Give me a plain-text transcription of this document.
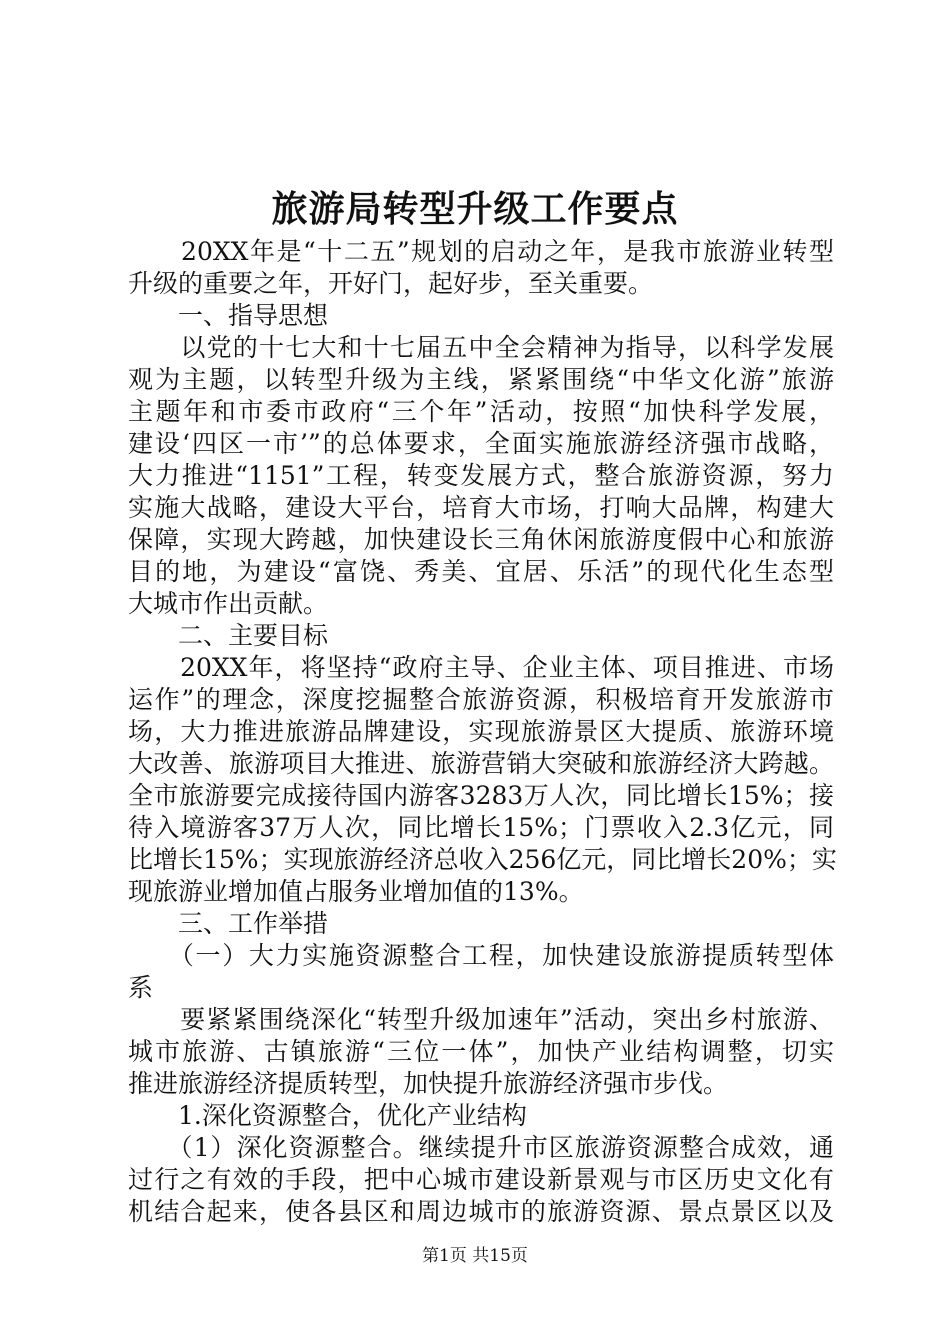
旅游局转型升级工作要点
　　20XX年是“十二五”规划的启动之年，是我市旅游业转型
升级的重要之年，开好门，起好步，至关重要。
　　一、指导思想
　　以党的十七大和十七届五中全会精神为指导，以科学发展
观为主题，以转型升级为主线，紧紧围绕“中华文化游”旅游
主题年和市委市政府“三个年”活动，按照“加快科学发展，
建设‘四区一市’”的总体要求，全面实施旅游经济强市战略，
大力推进“1151”工程，转变发展方式，整合旅游资源，努力
实施大战略，建设大平台，培育大市场，打响大品牌，构建大
保障，实现大跨越，加快建设长三角休闲旅游度假中心和旅游
目的地，为建设“富饶、秀美、宜居、乐活”的现代化生态型
大城市作出贡献。
　　二、主要目标
　　20XX年，将坚持“政府主导、企业主体、项目推进、市场
运作”的理念，深度挖掘整合旅游资源，积极培育开发旅游市
场，大力推进旅游品牌建设，实现旅游景区大提质、旅游环境
大改善、旅游项目大推进、旅游营销大突破和旅游经济大跨越。
全市旅游要完成接待国内游客3283万人次，同比增长15%；接
待入境游客37万人次，同比增长15%；门票收入2.3亿元，同
比增长15%；实现旅游经济总收入256亿元，同比增长20%；实
现旅游业增加值占服务业增加值的13%。
　　三、工作举措
　　（一）大力实施资源整合工程，加快建设旅游提质转型体
系
　　要紧紧围绕深化“转型升级加速年”活动，突出乡村旅游、
城市旅游、古镇旅游“三位一体”，加快产业结构调整，切实
推进旅游经济提质转型，加快提升旅游经济强市步伐。
　　1.深化资源整合，优化产业结构
　　（1）深化资源整合。继续提升市区旅游资源整合成效，通
过行之有效的手段，把中心城市建设新景观与市区历史文化有
机结合起来，使各县区和周边城市的旅游资源、景点景区以及
第1页 共15页
